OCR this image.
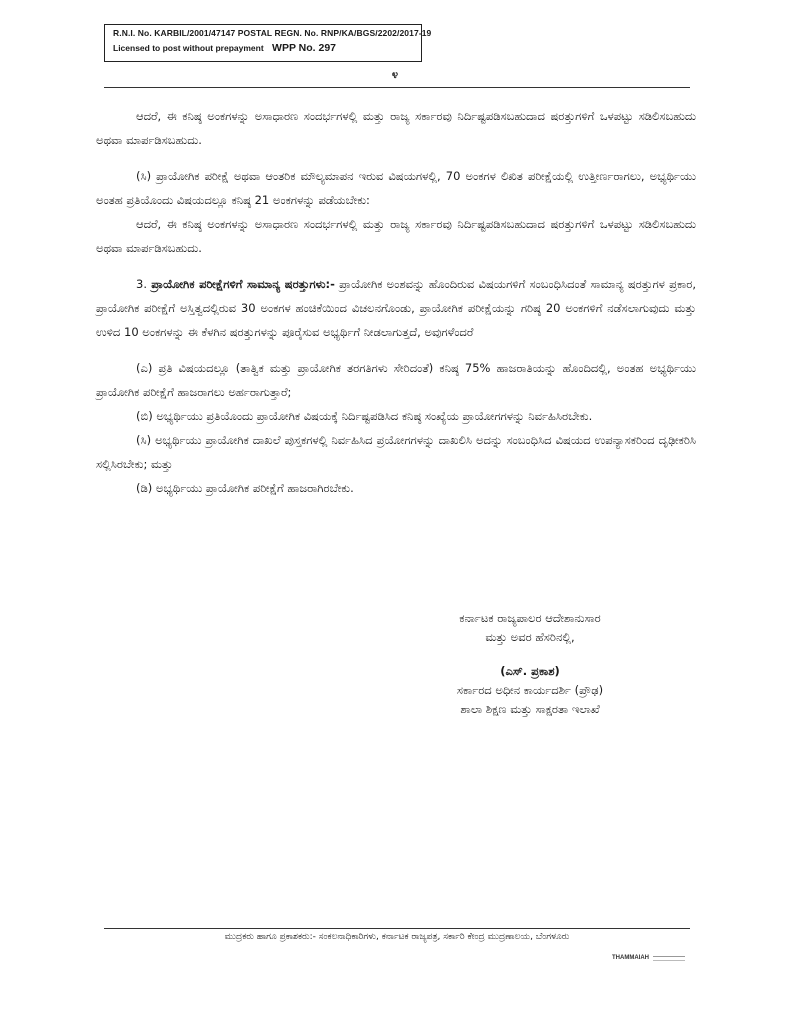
R.N.I. No. KARBIL/2001/47147 POSTAL REGN. No. RNP/KA/BGS/2202/2017-19
Licensed to post without prepayment WPP No. 297
೪

ಆದರೆ, ಈ ಕನಿಷ್ಠ ಅಂಕಗಳನ್ನು ಅಸಾಧಾರಣ ಸಂದರ್ಭಗಳಲ್ಲಿ ಮತ್ತು ರಾಜ್ಯ ಸರ್ಕಾರವು ನಿರ್ದಿಷ್ಟಪಡಿಸಬಹುದಾದ ಷರತ್ತುಗಳಿಗೆ ಒಳಪಟ್ಟು ಸಡಿಲಿಸಬಹುದು ಅಥವಾ ಮಾರ್ಪಡಿಸಬಹುದು.

(ಸಿ) ಪ್ರಾಯೋಗಿಕ ಪರೀಕ್ಷೆ ಅಥವಾ ಆಂತರಿಕ ಮೌಲ್ಯಮಾಪನ ಇರುವ ವಿಷಯಗಳಲ್ಲಿ, 70 ಅಂಕಗಳ ಲಿಖಿತ ಪರೀಕ್ಷೆಯಲ್ಲಿ ಉತ್ತೀರ್ಣರಾಗಲು, ಅಭ್ಯರ್ಥಿಯು ಅಂತಹ ಪ್ರತಿಯೊಂದು ವಿಷಯದಲ್ಲೂ ಕನಿಷ್ಠ 21 ಅಂಕಗಳನ್ನು ಪಡೆಯಬೇಕು:

ಆದರೆ, ಈ ಕನಿಷ್ಠ ಅಂಕಗಳನ್ನು ಅಸಾಧಾರಣ ಸಂದರ್ಭಗಳಲ್ಲಿ ಮತ್ತು ರಾಜ್ಯ ಸರ್ಕಾರವು ನಿರ್ದಿಷ್ಟಪಡಿಸಬಹುದಾದ ಷರತ್ತುಗಳಿಗೆ ಒಳಪಟ್ಟು ಸಡಿಲಿಸಬಹುದು ಅಥವಾ ಮಾರ್ಪಡಿಸಬಹುದು.

3. ಪ್ರಾಯೋಗಿಕ ಪರೀಕ್ಷೆಗಳಿಗೆ ಸಾಮಾನ್ಯ ಷರತ್ತುಗಳು:- ಪ್ರಾಯೋಗಿಕ ಅಂಶವನ್ನು ಹೊಂದಿರುವ ವಿಷಯಗಳಿಗೆ ಸಂಬಂಧಿಸಿದಂತೆ ಸಾಮಾನ್ಯ ಷರತ್ತುಗಳ ಪ್ರಕಾರ, ಪ್ರಾಯೋಗಿಕ ಪರೀಕ್ಷೆಗೆ ಅಸ್ತಿತ್ವದಲ್ಲಿರುವ 30 ಅಂಕಗಳ ಹಂಚಿಕೆಯಿಂದ ವಿಚಲನಗೊಂಡು, ಪ್ರಾಯೋಗಿಕ ಪರೀಕ್ಷೆಯನ್ನು ಗರಿಷ್ಠ 20 ಅಂಕಗಳಿಗೆ ನಡೆಸಲಾಗುವುದು ಮತ್ತು ಉಳಿದ 10 ಅಂಕಗಳನ್ನು ಈ ಕೆಳಗಿನ ಷರತ್ತುಗಳನ್ನು ಪೂರೈಸುವ ಅಭ್ಯರ್ಥಿಗೆ ನೀಡಲಾಗುತ್ತದೆ, ಅವುಗಳೆಂದರೆ

(ಎ) ಪ್ರತಿ ವಿಷಯದಲ್ಲೂ (ತಾತ್ವಿಕ ಮತ್ತು ಪ್ರಾಯೋಗಿಕ ತರಗತಿಗಳು ಸೇರಿದಂತೆ) ಕನಿಷ್ಠ 75% ಹಾಜರಾತಿಯನ್ನು ಹೊಂದಿದಲ್ಲಿ, ಅಂತಹ ಅಭ್ಯರ್ಥಿಯು ಪ್ರಾಯೋಗಿಕ ಪರೀಕ್ಷೆಗೆ ಹಾಜರಾಗಲು ಅರ್ಹರಾಗುತ್ತಾರೆ;

(ಬಿ) ಅಭ್ಯರ್ಥಿಯು ಪ್ರತಿಯೊಂದು ಪ್ರಾಯೋಗಿಕ ವಿಷಯಕ್ಕೆ ನಿರ್ದಿಷ್ಟಪಡಿಸಿದ ಕನಿಷ್ಠ ಸಂಖ್ಯೆಯ ಪ್ರಾಯೋಗಗಳನ್ನು ನಿರ್ವಹಿಸಿರಬೇಕು.

(ಸಿ) ಅಭ್ಯರ್ಥಿಯು ಪ್ರಾಯೋಗಿಕ ದಾಖಲೆ ಪುಸ್ತಕಗಳಲ್ಲಿ ನಿರ್ವಹಿಸಿದ ಪ್ರಯೋಗಗಳನ್ನು ದಾಖಲಿಸಿ ಅದನ್ನು ಸಂಬಂಧಿಸಿದ ವಿಷಯದ ಉಪನ್ಯಾಸಕರಿಂದ ದೃಢೀಕರಿಸಿ ಸಲ್ಲಿಸಿರಬೇಕು; ಮತ್ತು

(ಡಿ) ಅಭ್ಯರ್ಥಿಯು ಪ್ರಾಯೋಗಿಕ ಪರೀಕ್ಷೆಗೆ ಹಾಜರಾಗಿರಬೇಕು.

ಕರ್ನಾಟಕ ರಾಜ್ಯಪಾಲರ ಆದೇಶಾನುಸಾರ
ಮತ್ತು ಅವರ ಹೆಸರಿನಲ್ಲಿ,
(ಎಸ್. ಪ್ರಕಾಶ)
ಸರ್ಕಾರದ ಅಧೀನ ಕಾರ್ಯದರ್ಶಿ (ಪ್ರೌಢ)
ಶಾಲಾ ಶಿಕ್ಷಣ ಮತ್ತು ಸಾಕ್ಷರತಾ ಇಲಾಖೆ
ಮುದ್ರಕರು ಹಾಗೂ ಪ್ರಕಾಶಕರು:- ಸಂಕಲನಾಧಿಕಾರಿಗಳು, ಕರ್ನಾಟಕ ರಾಜ್ಯಪತ್ರ, ಸರ್ಕಾರಿ ಕೇಂದ್ರ ಮುದ್ರಣಾಲಯ, ಬೆಂಗಳೂರು
THAMMAIAH
